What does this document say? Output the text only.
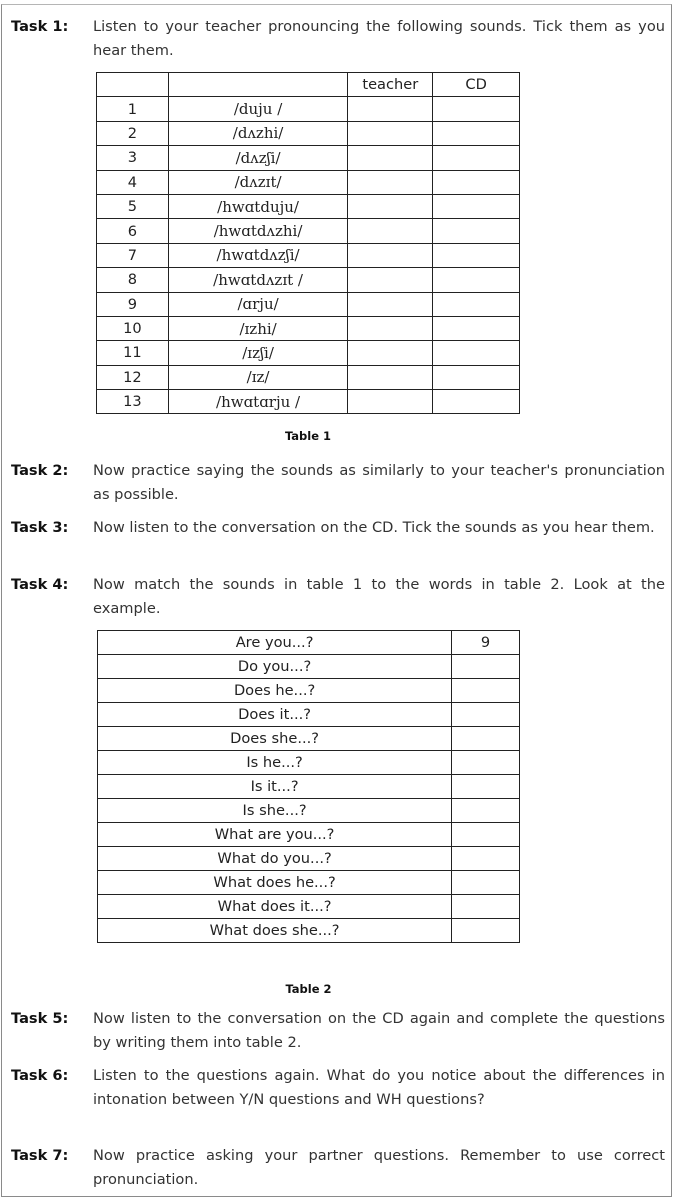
Task 1:	Listen to your teacher pronouncing the following sounds. Tick them as you hear them.
		teacher	CD
1	/duju /		
2	/dʌzhi/		
3	/dʌzʃi/		
4	/dʌzɪt/		
5	/hwɑtduju/		
6	/hwɑtdʌzhi/		
7	/hwɑtdʌzʃi/		
8	/hwɑtdʌzɪt /		
9	/ɑrju/		
10	/ɪzhi/		
11	/ɪzʃi/		
12	/ɪz/		
13	/hwɑtɑrju /		
Table 1
Task 2:	Now practice saying the sounds as similarly to your teacher's pronunciation as possible.
Task 3:	Now listen to the conversation on the CD. Tick the sounds as you hear them.
Task 4:	Now match the sounds in table 1 to the words in table 2. Look at the example.
Are you...?	9
Do you...?	
Does he...?	
Does it...?	
Does she...?	
Is he...?	
Is it...?	
Is she...?	
What are you...?	
What do you...?	
What does he...?	
What does it...?	
What does she...?	
Table 2
Task 5:	Now listen to the conversation on the CD again and complete the questions by writing them into table 2.
Task 6:	Listen to the questions again. What do you notice about the differences in intonation between Y/N questions and WH questions?
Task 7:	Now practice asking your partner questions. Remember to use correct pronunciation.
